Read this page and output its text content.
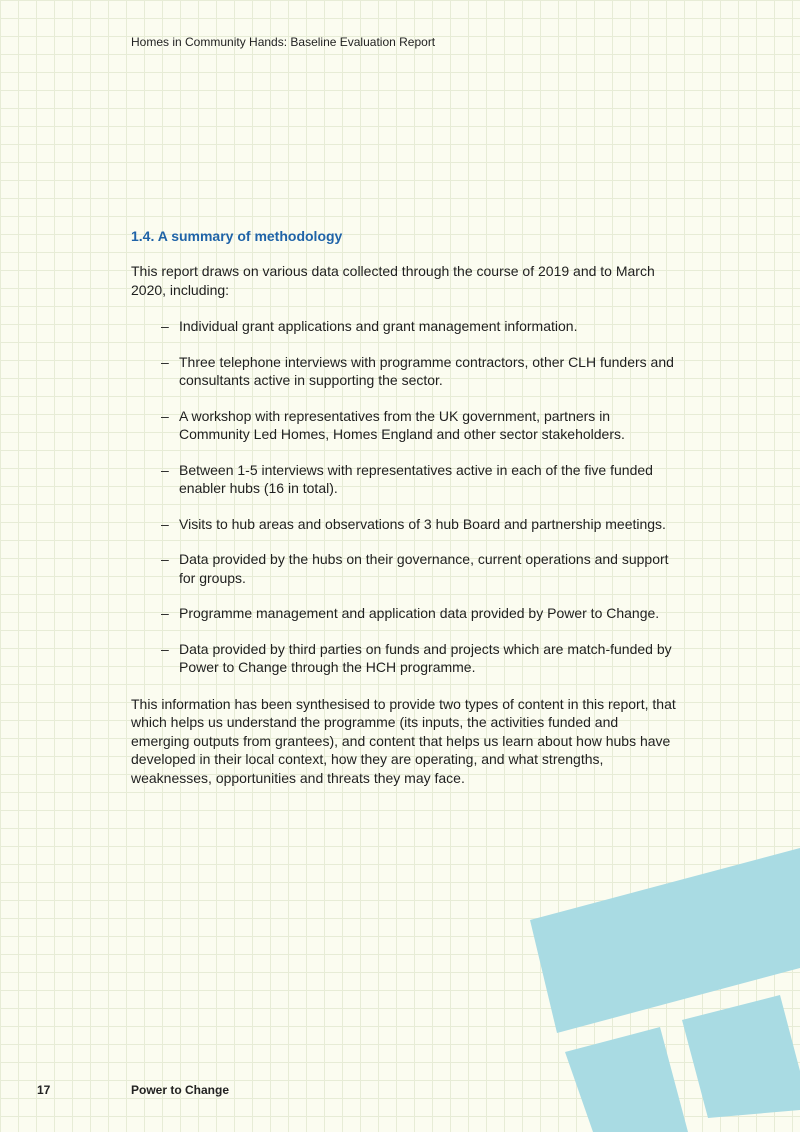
Homes in Community Hands: Baseline Evaluation Report
1.4. A summary of methodology

This report draws on various data collected through the course of 2019 and to March 2020, including:

– Individual grant applications and grant management information.
– Three telephone interviews with programme contractors, other CLH funders and consultants active in supporting the sector.
– A workshop with representatives from the UK government, partners in Community Led Homes, Homes England and other sector stakeholders.
– Between 1-5 interviews with representatives active in each of the five funded enabler hubs (16 in total).
– Visits to hub areas and observations of 3 hub Board and partnership meetings.
– Data provided by the hubs on their governance, current operations and support for groups.
– Programme management and application data provided by Power to Change.
– Data provided by third parties on funds and projects which are match-funded by Power to Change through the HCH programme.

This information has been synthesised to provide two types of content in this report, that which helps us understand the programme (its inputs, the activities funded and emerging outputs from grantees), and content that helps us learn about how hubs have developed in their local context, how they are operating, and what strengths, weaknesses, opportunities and threats they may face.

17	Power to Change
